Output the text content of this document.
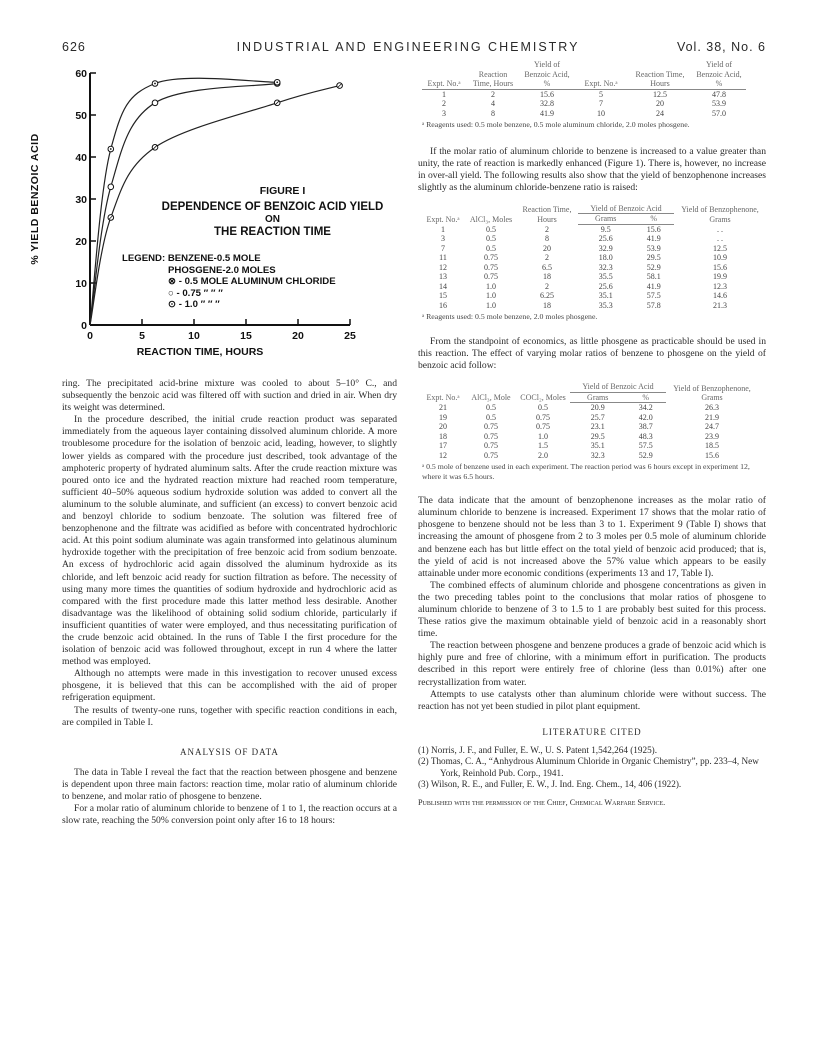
626	INDUSTRIAL AND ENGINEERING CHEMISTRY	Vol. 38, No. 6
0
10
20
30
40
50
60
0	5	10	15	20	25
REACTION TIME, HOURS
% YIELD BENZOIC ACID	FIGURE I
DEPENDENCE OF BENZOIC ACID YIELD
ON
THE REACTION TIME
LEGEND: BENZENE-0.5 MOLE
PHOSGENE-2.0 MOLES
⊗ - 0.5 MOLE ALUMINUM CHLORIDE
○ - 0.75 ″ ″ ″
⊙ - 1.0 ″ ″ ″

ring. The precipitated acid-brine mixture was cooled to about 5–10° C., and subsequently the benzoic acid was filtered off with suction and dried in air. When dry its weight was determined.

In the procedure described, the initial crude reaction product was separated immediately from the aqueous layer containing dissolved aluminum chloride. A more troublesome procedure for the isolation of benzoic acid, leading, however, to slightly lower yields as compared with the procedure just described, took advantage of the amphoteric property of hydrated aluminum salts. After the crude reaction mixture was poured onto ice and the hydrated reaction mixture had reached room temperature, sufficient 40–50% aqueous sodium hydroxide solution was added to convert all the aluminum to the soluble aluminate, and sufficient (an excess) to convert benzoic acid and benzoyl chloride to sodium benzoate. The solution was filtered free of benzophenone and the filtrate was acidified as before with concentrated hydrochloric acid. At this point sodium aluminate was again transformed into gelatinous aluminum hydroxide together with the precipitation of free benzoic acid from sodium benzoate. An excess of hydrochloric acid again dissolved the aluminum hydroxide as its chloride, and left benzoic acid ready for suction filtration as before. The necessity of using many more times the quantities of sodium hydroxide and hydrochloric acid as compared with the first procedure made this latter method less desirable. Another disadvantage was the likelihood of obtaining solid sodium chloride, particularly if insufficient quantities of water were employed, and thus necessitating purification of the crude benzoic acid obtained. In the runs of Table I the first procedure for the isolation of benzoic acid was followed throughout, except in run 4 where the latter method was employed.

Although no attempts were made in this investigation to recover unused excess phosgene, it is believed that this can be accomplished with the aid of proper refrigeration equipment.

The results of twenty-one runs, together with specific reaction conditions in each, are compiled in Table I.

ANALYSIS OF DATA

The data in Table I reveal the fact that the reaction between phosgene and benzene is dependent upon three main factors: reaction time, molar ratio of aluminum chloride to benzene, and molar ratio of phosgene to benzene.

For a molar ratio of aluminum chloride to benzene of 1 to 1, the reaction occurs at a slow rate, reaching the 50% conversion point only after 16 to 18 hours:

Expt. No.ᵃ	Reaction Time, Hours	Yield of Benzoic Acid, %	Expt. No.ᵃ	Reaction Time, Hours	Yield of Benzoic Acid, %
1	2	15.6	5	12.5	47.8
2	4	32.8	7	20	53.9
3	8	41.9	10	24	57.0
ᵃ Reagents used: 0.5 mole benzene, 0.5 mole aluminum chloride, 2.0 moles phosgene.

If the molar ratio of aluminum chloride to benzene is increased to a value greater than unity, the rate of reaction is markedly enhanced (Figure 1). There is, however, no increase in over-all yield. The following results also show that the yield of benzophenone increases slightly as the aluminum chloride-benzene ratio is raised:

Expt. No.ᵃ	AlCl₃, Moles	Reaction Time, Hours	Yield of Benzoic Acid		Yield of Benzophenone, Grams
			Grams	%	
1	0.5	2	9.5	15.6	. .
3	0.5	8	25.6	41.9	. .
7	0.5	20	32.9	53.9	12.5
11	0.75	2	18.0	29.5	10.9
12	0.75	6.5	32.3	52.9	15.6
13	0.75	18	35.5	58.1	19.9
14	1.0	2	25.6	41.9	12.3
15	1.0	6.25	35.1	57.5	14.6
16	1.0	18	35.3	57.8	21.3
ᵃ Reagents used: 0.5 mole benzene, 2.0 moles phosgene.

From the standpoint of economics, as little phosgene as practicable should be used in this reaction. The effect of varying molar ratios of benzene to phosgene on the yield of benzoic acid follow:

Expt. No.ᵃ	AlCl₃, Mole	COCl₂, Moles	Yield of Benzoic Acid		Yield of Benzophenone, Grams
			Grams	%	
21	0.5	0.5	20.9	34.2	26.3
19	0.5	0.75	25.7	42.0	21.9
20	0.75	0.75	23.1	38.7	24.7
18	0.75	1.0	29.5	48.3	23.9
17	0.75	1.5	35.1	57.5	18.5
12	0.75	2.0	32.3	52.9	15.6
ᵃ 0.5 mole of benzene used in each experiment. The reaction period was 6 hours except in experiment 12, where it was 6.5 hours.

The data indicate that the amount of benzophenone increases as the molar ratio of aluminum chloride to benzene is increased. Experiment 17 shows that the molar ratio of phosgene to benzene should not be less than 3 to 1. Experiment 9 (Table I) shows that increasing the amount of phosgene from 2 to 3 moles per 0.5 mole of aluminum chloride and benzene each has but little effect on the total yield of benzoic acid produced; that is, the yield of acid is not increased above the 57% value which appears to be easily attainable under more economic conditions (experiments 13 and 17, Table I).

The combined effects of aluminum chloride and phosgene concentrations as given in the two preceding tables point to the conclusions that molar ratios of phosgene to aluminum chloride to benzene of 3 to 1.5 to 1 are probably best suited for this process. These ratios give the maximum obtainable yield of benzoic acid in a reasonably short time.

The reaction between phosgene and benzene produces a grade of benzoic acid which is highly pure and free of chlorine, with a minimum effort in purification. The products described in this report were entirely free of chlorine (less than 0.01%) after one recrystallization from water.

Attempts to use catalysts other than aluminum chloride were without success. The reaction has not yet been studied in pilot plant equipment.

LITERATURE CITED

(1) Norris, J. F., and Fuller, E. W., U. S. Patent 1,542,264 (1925).

(2) Thomas, C. A., “Anhydrous Aluminum Chloride in Organic Chemistry”, pp. 233–4, New York, Reinhold Pub. Corp., 1941.

(3) Wilson, R. E., and Fuller, E. W., J. Ind. Eng. Chem., 14, 406 (1922).

Published with the permission of the Chief, Chemical Warfare Service.
